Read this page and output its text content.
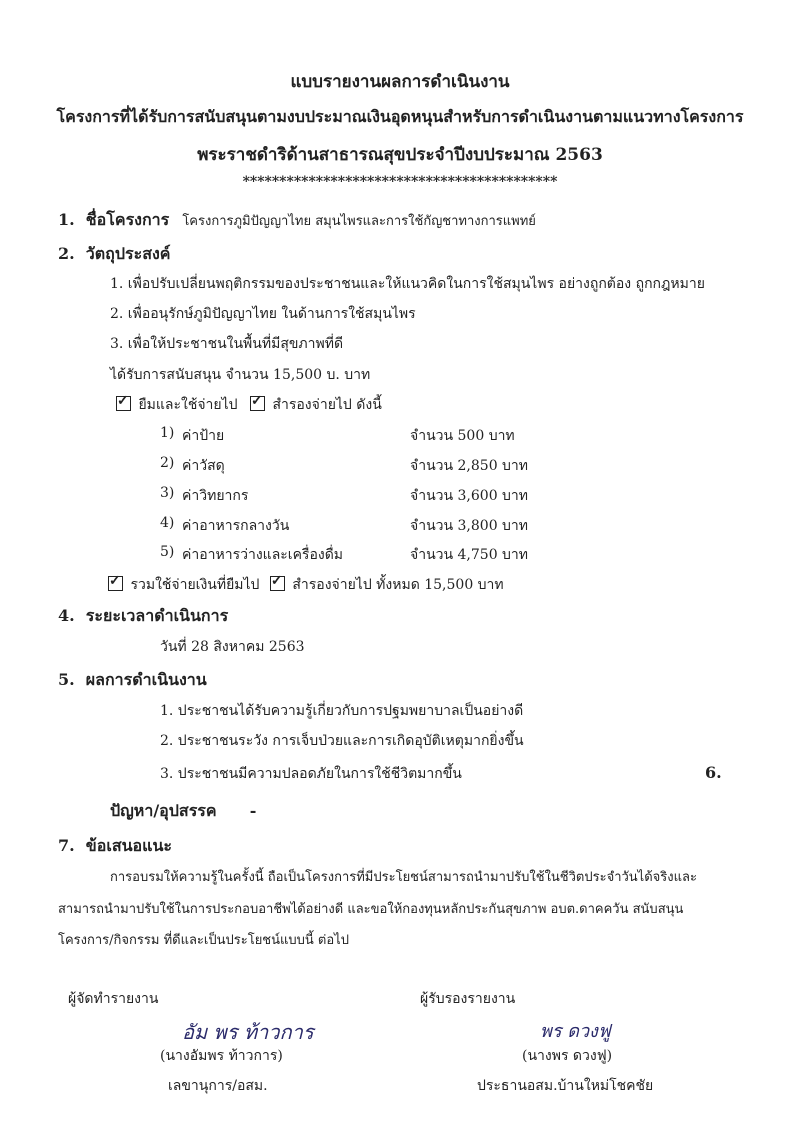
แบบรายงานผลการดำเนินงาน
โครงการที่ได้รับการสนับสนุนตามงบประมาณเงินอุดหนุนสำหรับการดำเนินงานตามแนวทางโครงการ
พระราชดำริด้านสาธารณสุขประจำปีงบประมาณ 2563
*******************************************
1. ชื่อโครงการ โครงการภูมิปัญญาไทย สมุนไพรและการใช้กัญชาทางการแพทย์
2. วัตถุประสงค์
1. เพื่อปรับเปลี่ยนพฤติกรรมของประชาชนและให้แนวคิดในการใช้สมุนไพร อย่างถูกต้อง ถูกกฎหมาย
2. เพื่ออนุรักษ์ภูมิปัญญาไทย ในด้านการใช้สมุนไพร
3. เพื่อให้ประชาชนในพื้นที่มีสุขภาพที่ดี
ได้รับการสนับสนุน จำนวน 15,500 บ. บาท
✓ ยืมและใช้จ่ายไป ✓ สำรองจ่ายไป ดังนี้
1) ค่าป้าย	จำนวน 500 บาท
2) ค่าวัสดุ	จำนวน 2,850 บาท
3) ค่าวิทยากร	จำนวน 3,600 บาท
4) ค่าอาหารกลางวัน	จำนวน 3,800 บาท
5) ค่าอาหารว่างและเครื่องดื่ม	จำนวน 4,750 บาท
✓ รวมใช้จ่ายเงินที่ยืมไป ✓ สำรองจ่ายไป ทั้งหมด 15,500 บาท
4. ระยะเวลาดำเนินการ
วันที่ 28 สิงหาคม 2563
5. ผลการดำเนินงาน
1. ประชาชนได้รับความรู้เกี่ยวกับการปฐมพยาบาลเป็นอย่างดี
2. ประชาชนระวัง การเจ็บป่วยและการเกิดอุบัติเหตุมากยิ่งขึ้น
3. ประชาชนมีความปลอดภัยในการใช้ชีวิตมากขึ้น	6.
ปัญหา/อุปสรรค -
7. ข้อเสนอแนะ
การอบรมให้ความรู้ในครั้งนี้ ถือเป็นโครงการที่มีประโยชน์สามารถนำมาปรับใช้ในชีวิตประจำวันได้จริงและ
สามารถนำมาปรับใช้ในการประกอบอาชีพได้อย่างดี และขอให้กองทุนหลักประกันสุขภาพ อบต.ดาคควัน สนับสนุน
โครงการ/กิจกรรม ที่ดีและเป็นประโยชน์แบบนี้ ต่อไป
ผู้จัดทำรายงาน
อัม พร ท้าวการ
(นางอัมพร ท้าวการ)
เลขานุการ/อสม.
ผู้รับรองรายงาน
พร ดวงฟู
(นางพร ดวงฟู)
ประธานอสม.บ้านใหม่โชคชัย
